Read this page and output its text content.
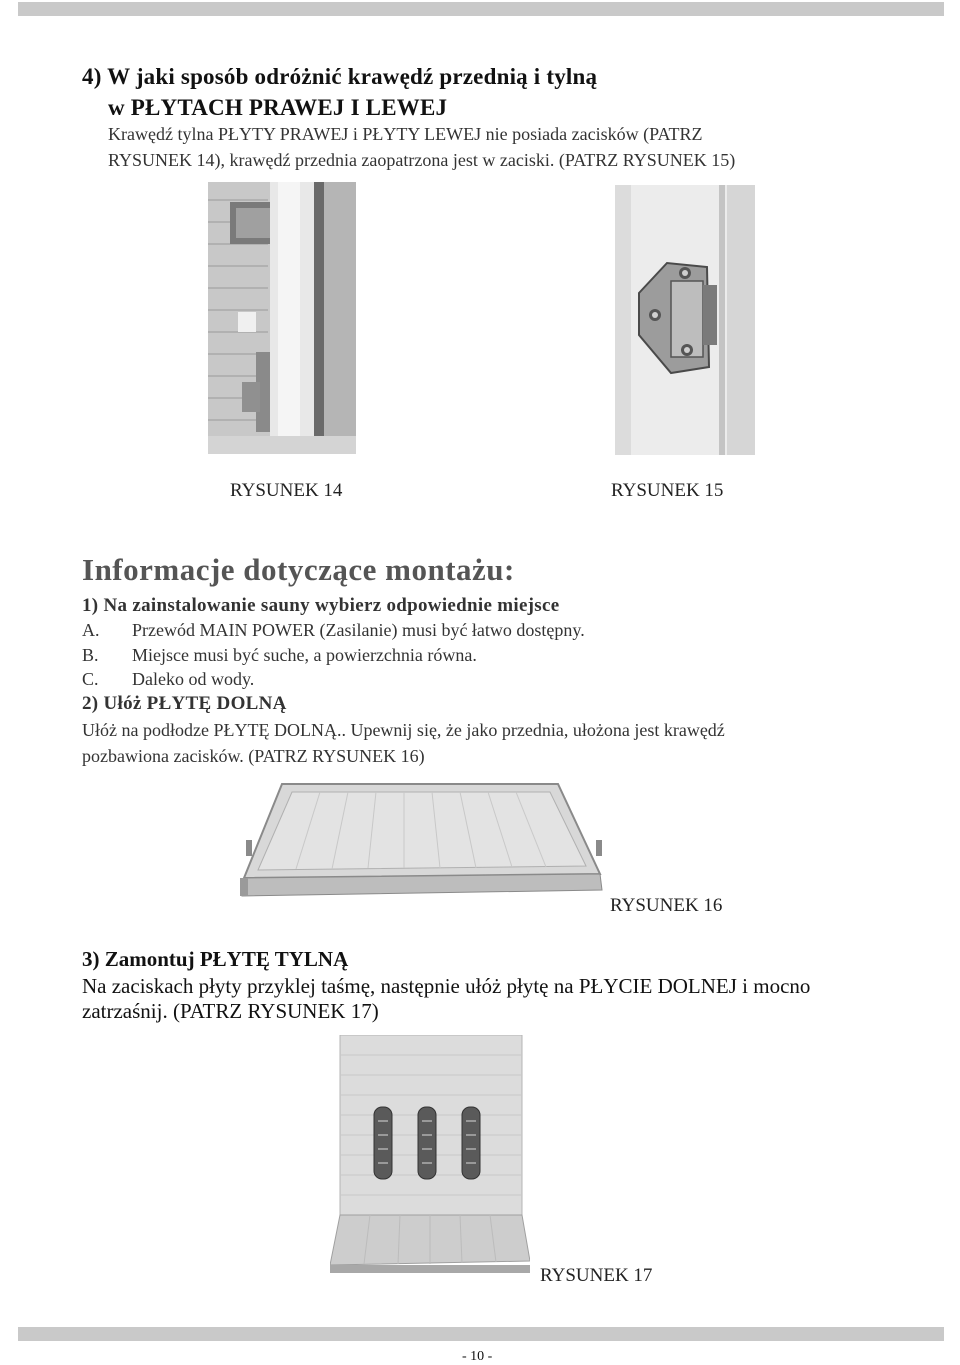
4) W jaki sposób odróżnić krawędź przednią i tylną
w PŁYTACH PRAWEJ I LEWEJ
Krawędź tylna PŁYTY PRAWEJ i PŁYTY LEWEJ nie posiada zacisków (PATRZ
RYSUNEK 14), krawędź przednia zaopatrzona jest w zaciski. (PATRZ RYSUNEK 15)
RYSUNEK 14	RYSUNEK 15
Informacje dotyczące montażu:
1) Na zainstalowanie sauny wybierz odpowiednie miejsce
A. Przewód MAIN POWER (Zasilanie) musi być łatwo dostępny.
B. Miejsce musi być suche, a powierzchnia równa.
C. Daleko od wody.
2) Ułóż PŁYTĘ DOLNĄ
Ułóż na podłodze PŁYTĘ DOLNĄ.. Upewnij się, że jako przednia, ułożona jest krawędź
pozbawiona zacisków. (PATRZ RYSUNEK 16)
RYSUNEK 16
3) Zamontuj PŁYTĘ TYLNĄ
Na zaciskach płyty przyklej taśmę, następnie ułóż płytę na PŁYCIE DOLNEJ i mocno
zatrzaśnij. (PATRZ RYSUNEK 17)
RYSUNEK 17
- 10 -
